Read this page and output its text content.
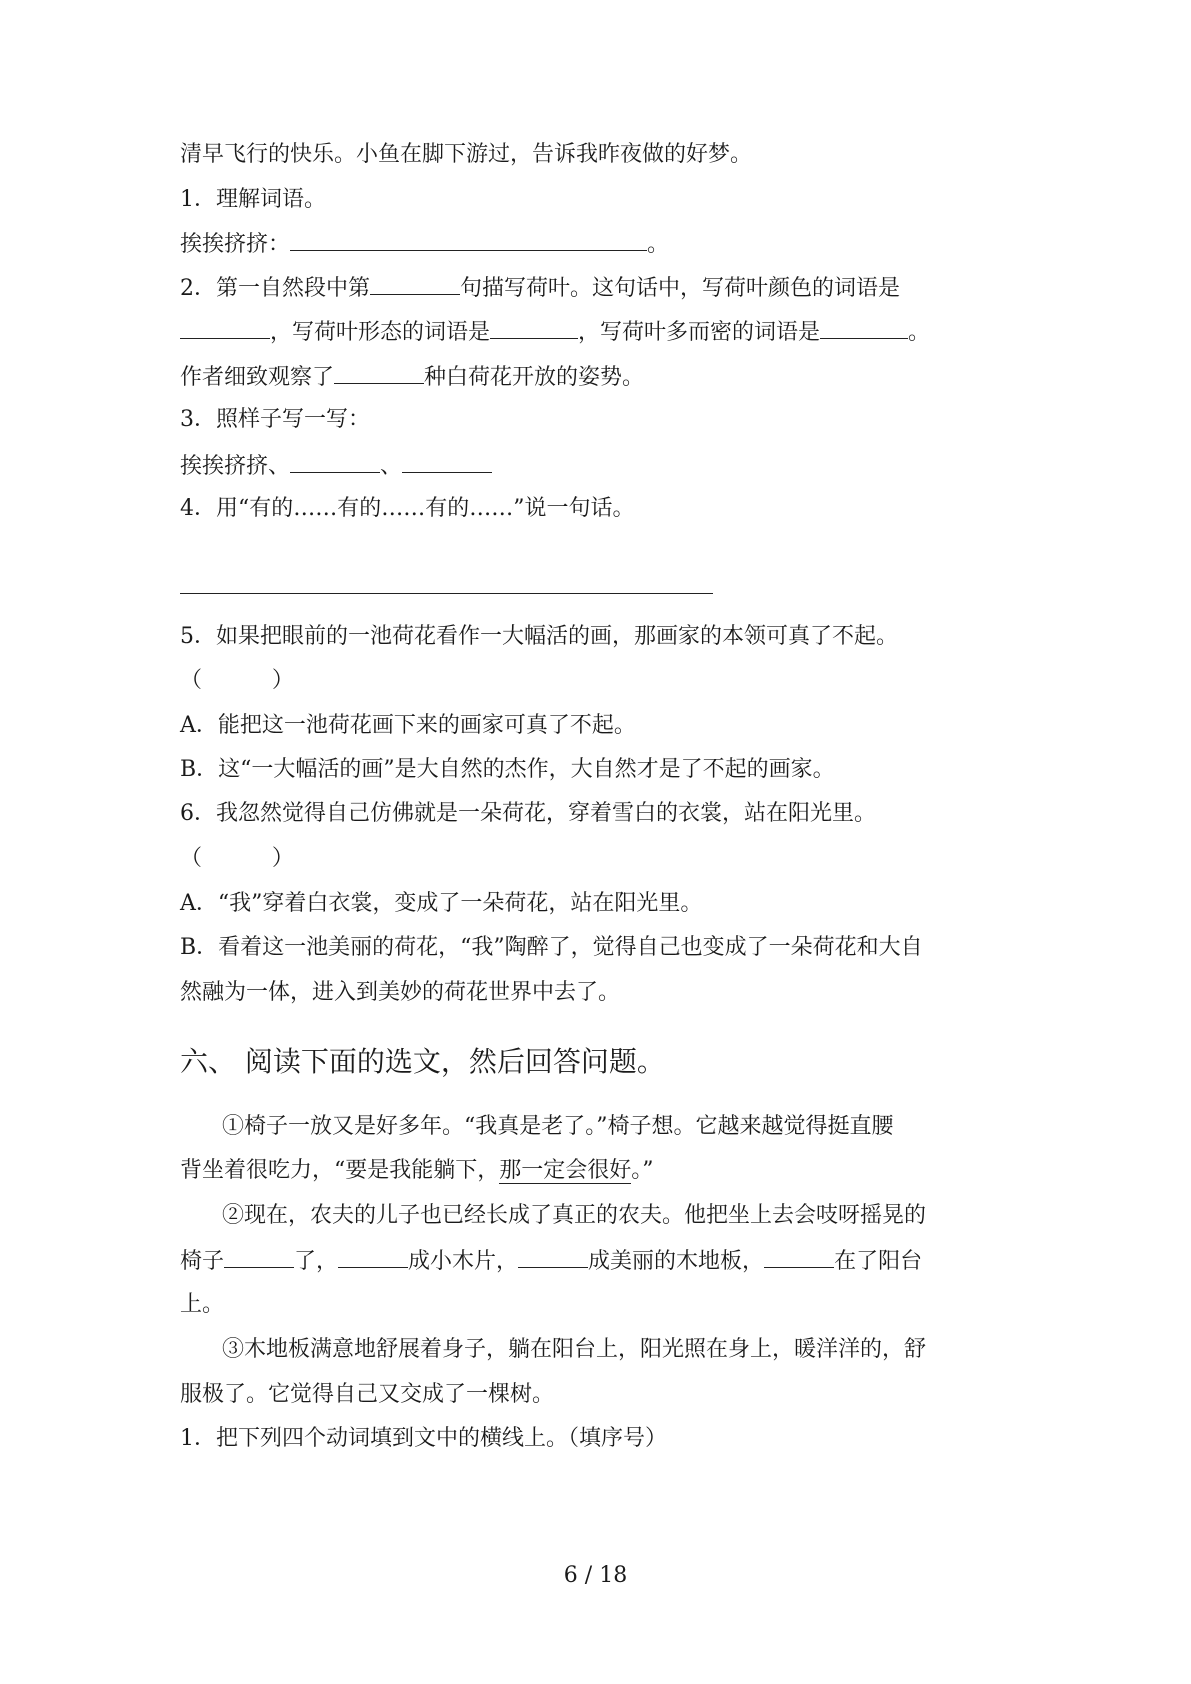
清早飞行的快乐。小鱼在脚下游过，告诉我昨夜做的好梦。
1．理解词语。
挨挨挤挤：	。
2．第一自然段中第	句描写荷叶。这句话中，写荷叶颜色的词语是
，写荷叶形态的词语是	，写荷叶多而密的词语是	。
作者细致观察了	种白荷花开放的姿势。
3．照样子写一写：
挨挨挤挤、	、
4．用“有的……有的……有的……”说一句话。
5．如果把眼前的一池荷花看作一大幅活的画，那画家的本领可真了不起。
（          ）
A．能把这一池荷花画下来的画家可真了不起。
B．这“一大幅活的画”是大自然的杰作，大自然才是了不起的画家。
6．我忽然觉得自己仿佛就是一朵荷花，穿着雪白的衣裳，站在阳光里。
（          ）
A．“我”穿着白衣裳，变成了一朵荷花，站在阳光里。
B．看着这一池美丽的荷花，“我”陶醉了，觉得自己也变成了一朵荷花和大自
然融为一体，进入到美妙的荷花世界中去了。
六、 阅读下面的选文，然后回答问题。
①椅子一放又是好多年。“我真是老了。”椅子想。它越来越觉得挺直腰
背坐着很吃力，“要是我能躺下，那一定会很好。”
②现在，农夫的儿子也已经长成了真正的农夫。他把坐上去会吱呀摇晃的
椅子	了，	成小木片，	成美丽的木地板，	在了阳台
上。
③木地板满意地舒展着身子，躺在阳台上，阳光照在身上，暖洋洋的，舒
服极了。它觉得自己又交成了一棵树。
1．把下列四个动词填到文中的横线上。（填序号）
6 / 18
